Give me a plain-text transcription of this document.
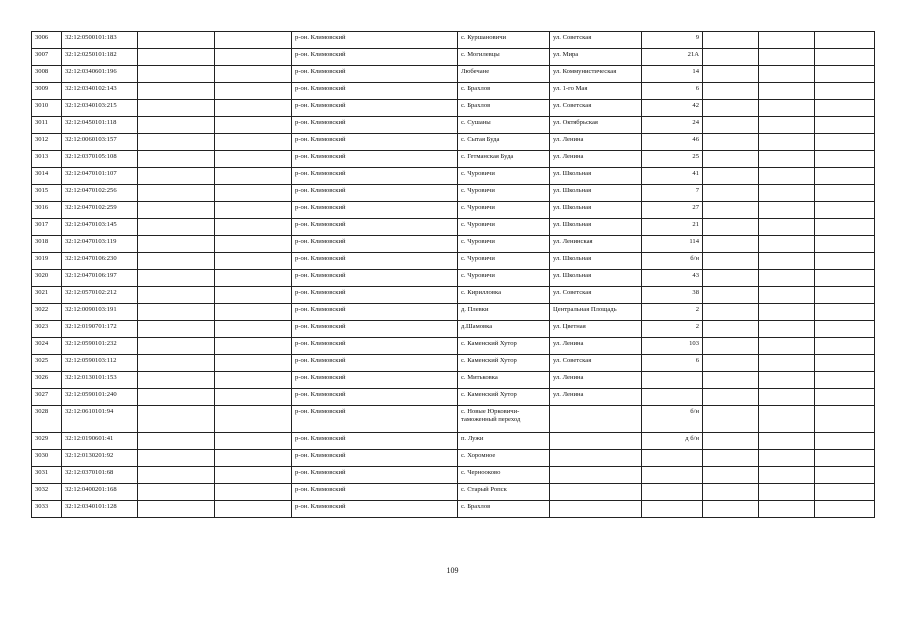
3006	32:12:0500101:183			р-он. Климовский	с. Куршановичи	ул. Советская	9			
3007	32:12:0250101:182			р-он. Климовский	с. Могилевцы	ул. Мира	21А			
3008	32:12:0340601:196			р-он. Климовский	Любечане	ул. Коммунистическая	14			
3009	32:12:0340102:143			р-он. Климовский	с. Брахлов	ул. 1-го Мая	6			
3010	32:12:0340103:215			р-он. Климовский	с. Брахлов	ул. Советская	42			
3011	32:12:0450101:118			р-он. Климовский	с. Сушаны	ул. Октябрьская	24			
3012	32:12:0060103:157			р-он. Климовский	с. Сытая Буда	ул. Ленина	46			
3013	32:12:0370105:108			р-он. Климовский	с. Гетманская Буда	ул. Ленина	25			
3014	32:12:0470101:107			р-он. Климовский	с. Чуровичи	ул. Школьная	41			
3015	32:12:0470102:256			р-он. Климовский	с. Чуровичи	ул. Школьная	7			
3016	32:12:0470102:259			р-он. Климовский	с. Чуровичи	ул. Школьная	27			
3017	32:12:0470103:145			р-он. Климовский	с. Чуровичи	ул. Школьная	21			
3018	32:12:0470103:119			р-он. Климовский	с. Чуровичи	ул. Ленинская	114			
3019	32:12:0470106:230			р-он. Климовский	с. Чуровичи	ул. Школьная	б/н			
3020	32:12:0470106:197			р-он. Климовский	с. Чуровичи	ул. Школьная	43			
3021	32:12:0570102:212			р-он. Климовский	с. Кирилловка	ул. Советская	38			
3022	32:12:0090103:191			р-он. Климовский	д. Плевки	Центральная Площадь	2			
3023	32:12:0190701:172			р-он. Климовский	д.Шамовка	ул. Цветная	2			
3024	32:12:0590101:232			р-он. Климовский	с. Каменский Хутор	ул. Ленина	103			
3025	32:12:0590103:112			р-он. Климовский	с. Каменский Хутор	ул. Советская	6			
3026	32:12:0130101:153			р-он. Климовский	с. Митьковка	ул. Ленина				
3027	32:12:0590101:240			р-он. Климовский	с. Каменский Хутор	ул. Ленина				
3028	32:12:0610101:94			р-он. Климовский	с. Новые Юрковичи-таможенный переход		б/н			
3029	32:12:0190601:41			р-он. Климовский	п. Лужи		д б/н			
3030	32:12:0130201:92			р-он. Климовский	с. Хоромное					
3031	32:12:0370101:68			р-он. Климовский	с. Чернооково					
3032	32:12:0400201:168			р-он. Климовский	с. Старый Ропск					
3033	32:12:0340101:128			р-он. Климовский	с. Брахлов					
109
